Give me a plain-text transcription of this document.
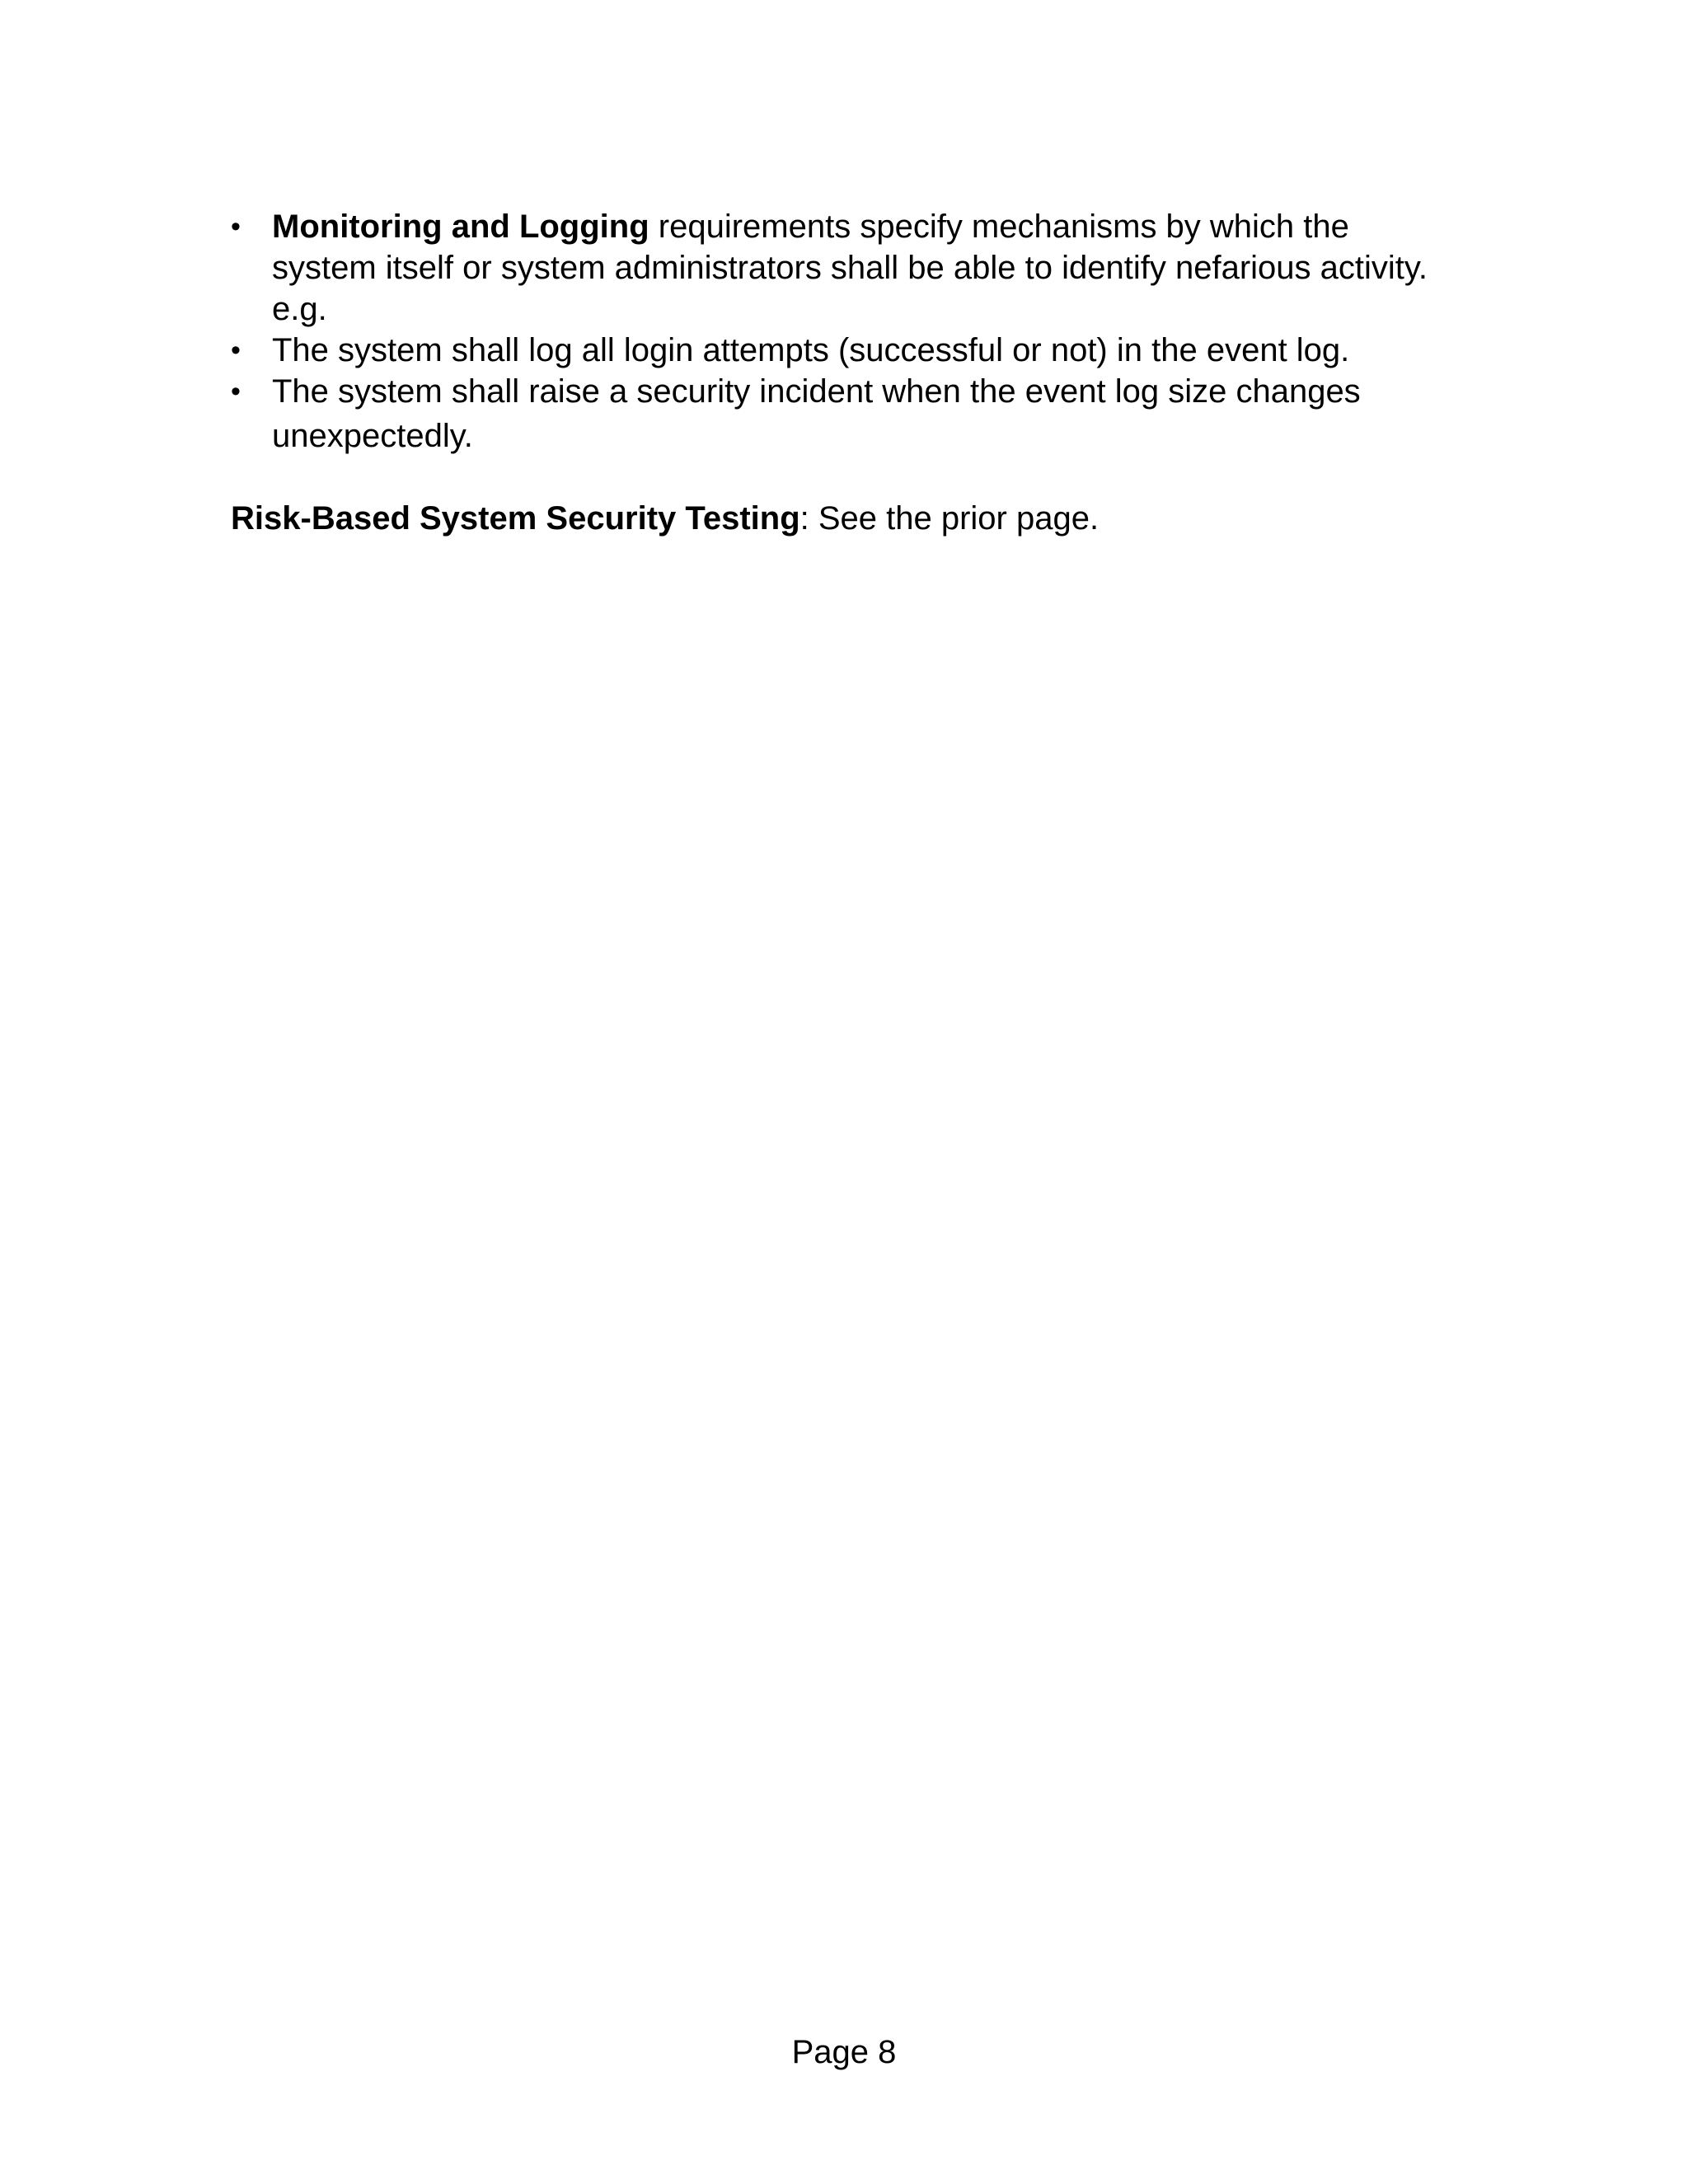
• Monitoring and Logging requirements specify mechanisms by which the system itself or system administrators shall be able to identify nefarious activity. e.g.
• The system shall log all login attempts (successful or not) in the event log.
• The system shall raise a security incident when the event log size changes
unexpectedly.

Risk-Based System Security Testing: See the prior page.

Page 8
